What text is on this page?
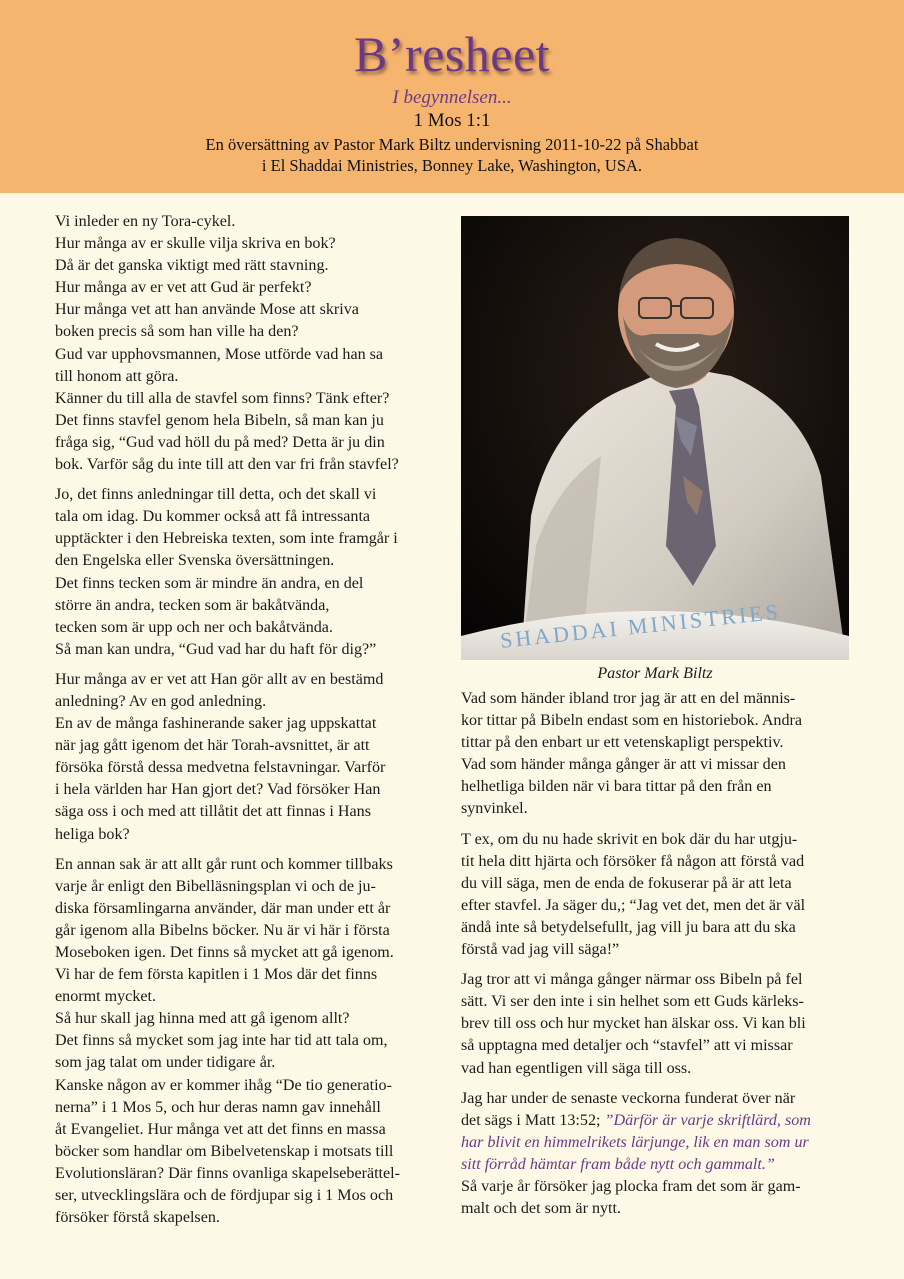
B’resheet
I begynnelsen...
1 Mos 1:1
En översättning av Pastor Mark Biltz undervisning 2011-10-22 på Shabbat
i El Shaddai Ministries, Bonney Lake, Washington, USA.

Vi inleder en ny Tora-cykel.
Hur många av er skulle vilja skriva en bok?
Då är det ganska viktigt med rätt stavning.
Hur många av er vet att Gud är perfekt?
Hur många vet att han använde Mose att skriva
boken precis så som han ville ha den?
Gud var upphovsmannen, Mose utförde vad han sa
till honom att göra.
Känner du till alla de stavfel som finns? Tänk efter?
Det finns stavfel genom hela Bibeln, så man kan ju
fråga sig, “Gud vad höll du på med? Detta är ju din
bok. Varför såg du inte till att den var fri från stavfel?

Jo, det finns anledningar till detta, och det skall vi
tala om idag. Du kommer också att få intressanta
upptäckter i den Hebreiska texten, som inte framgår i
den Engelska eller Svenska översättningen.
Det finns tecken som är mindre än andra, en del
större än andra, tecken som är bakåtvända,
tecken som är upp och ner och bakåtvända.
Så man kan undra, “Gud vad har du haft för dig?”

Hur många av er vet att Han gör allt av en bestämd
anledning? Av en god anledning.
En av de många fashinerande saker jag uppskattat
när jag gått igenom det här Torah-avsnittet, är att
försöka förstå dessa medvetna felstavningar. Varför
i hela världen har Han gjort det? Vad försöker Han
säga oss i och med att tillåtit det att finnas i Hans
heliga bok?

En annan sak är att allt går runt och kommer tillbaks
varje år enligt den Bibelläsningsplan vi och de ju-
diska församlingarna använder, där man under ett år
går igenom alla Bibelns böcker. Nu är vi här i första
Moseboken igen. Det finns så mycket att gå igenom.
Vi har de fem första kapitlen i 1 Mos där det finns
enormt mycket.
Så hur skall jag hinna med att gå igenom allt?
Det finns så mycket som jag inte har tid att tala om,
som jag talat om under tidigare år.
Kanske någon av er kommer ihåg “De tio generatio-
nerna” i 1 Mos 5, och hur deras namn gav innehåll
åt Evangeliet. Hur många vet att det finns en massa
böcker som handlar om Bibelvetenskap i motsats till
Evolutionsläran? Där finns ovanliga skapelseberättel-
ser, utvecklingslära och de fördjupar sig i 1 Mos och
försöker förstå skapelsen.

SHADDAI MINISTRIES
Pastor Mark Biltz

Vad som händer ibland tror jag är att en del männis-
kor tittar på Bibeln endast som en historiebok. Andra
tittar på den enbart ur ett vetenskapligt perspektiv.
Vad som händer många gånger är att vi missar den
helhetliga bilden när vi bara tittar på den från en
synvinkel.

T ex, om du nu hade skrivit en bok där du har utgju-
tit hela ditt hjärta och försöker få någon att förstå vad
du vill säga, men de enda de fokuserar på är att leta
efter stavfel. Ja säger du,; “Jag vet det, men det är väl
ändå inte så betydelsefullt, jag vill ju bara att du ska
förstå vad jag vill säga!”

Jag tror att vi många gånger närmar oss Bibeln på fel
sätt. Vi ser den inte i sin helhet som ett Guds kärleks-
brev till oss och hur mycket han älskar oss. Vi kan bli
så upptagna med detaljer och “stavfel” att vi missar
vad han egentligen vill säga till oss.

Jag har under de senaste veckorna funderat över när
det sägs i Matt 13:52; ”Därför är varje skriftlärd, som
har blivit en himmelrikets lärjunge, lik en man som ur
sitt förråd hämtar fram både nytt och gammalt.”
Så varje år försöker jag plocka fram det som är gam-
malt och det som är nytt.
